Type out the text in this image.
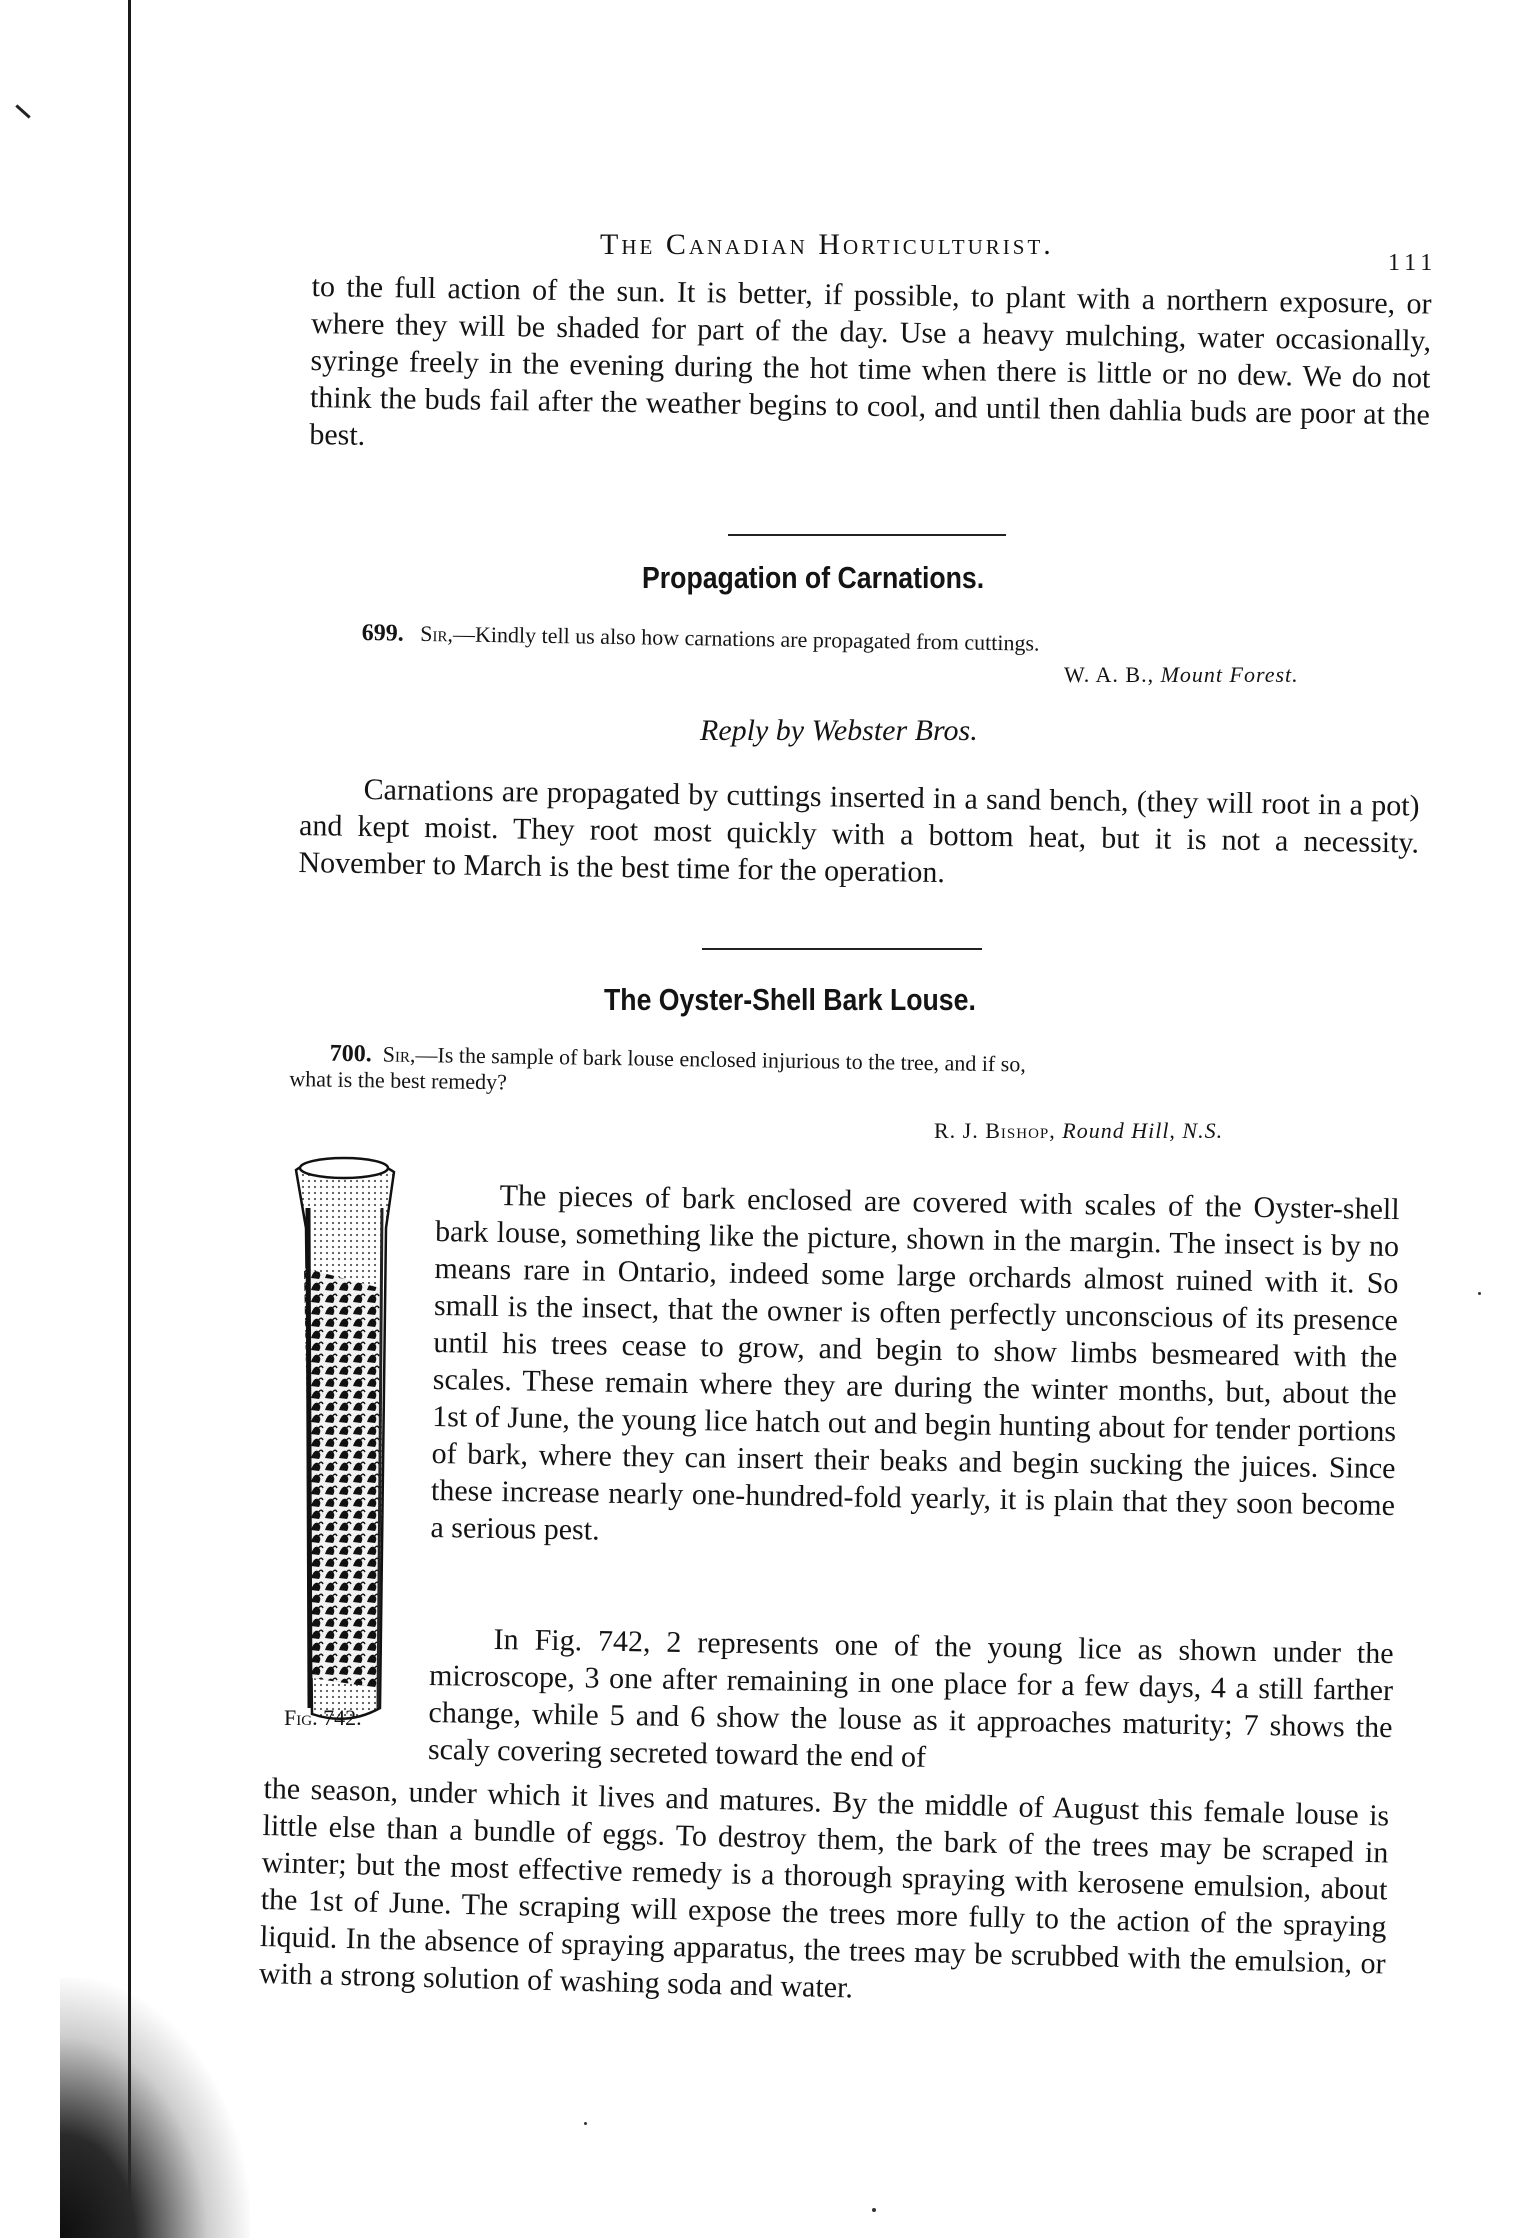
The Canadian Horticulturist.
111

to the full action of the sun. It is better, if possible, to plant with a northern exposure, or where they will be shaded for part of the day. Use a heavy mulching, water occasionally, syringe freely in the evening during the hot time when there is little or no dew. We do not think the buds fail after the weather begins to cool, and until then dahlia buds are poor at the best.

Propagation of Carnations.
699. Sir,—Kindly tell us also how carnations are propagated from cuttings.
W. A. B., Mount Forest.
Reply by Webster Bros.

Carnations are propagated by cuttings inserted in a sand bench, (they will root in a pot) and kept moist. They root most quickly with a bottom heat, but it is not a necessity. November to March is the best time for the operation.

The Oyster-Shell Bark Louse.
700. Sir,—Is the sample of bark louse enclosed injurious to the tree, and if so,
what is the best remedy?
R. J. Bishop, Round Hill, N.S.
Fig. 742.

The pieces of bark enclosed are covered with scales of the Oyster-shell bark louse, something like the picture, shown in the margin. The insect is by no means rare in Ontario, indeed some large orchards almost ruined with it. So small is the insect, that the owner is often perfectly unconscious of its presence until his trees cease to grow, and begin to show limbs besmeared with the scales. These remain where they are during the winter months, but, about the 1st of June, the young lice hatch out and begin hunting about for tender portions of bark, where they can insert their beaks and begin sucking the juices. Since these increase nearly one-hundred-fold yearly, it is plain that they soon become a serious pest.

In Fig. 742, 2 represents one of the young lice as shown under the microscope, 3 one after remaining in one place for a few days, 4 a still farther change, while 5 and 6 show the louse as it approaches maturity; 7 shows the scaly covering secreted toward the end of

the season, under which it lives and matures. By the middle of August this female louse is little else than a bundle of eggs. To destroy them, the bark of the trees may be scraped in winter; but the most effective remedy is a thorough spraying with kerosene emulsion, about the 1st of June. The scraping will expose the trees more fully to the action of the spraying liquid. In the absence of spraying apparatus, the trees may be scrubbed with the emulsion, or with a strong solution of washing soda and water.
